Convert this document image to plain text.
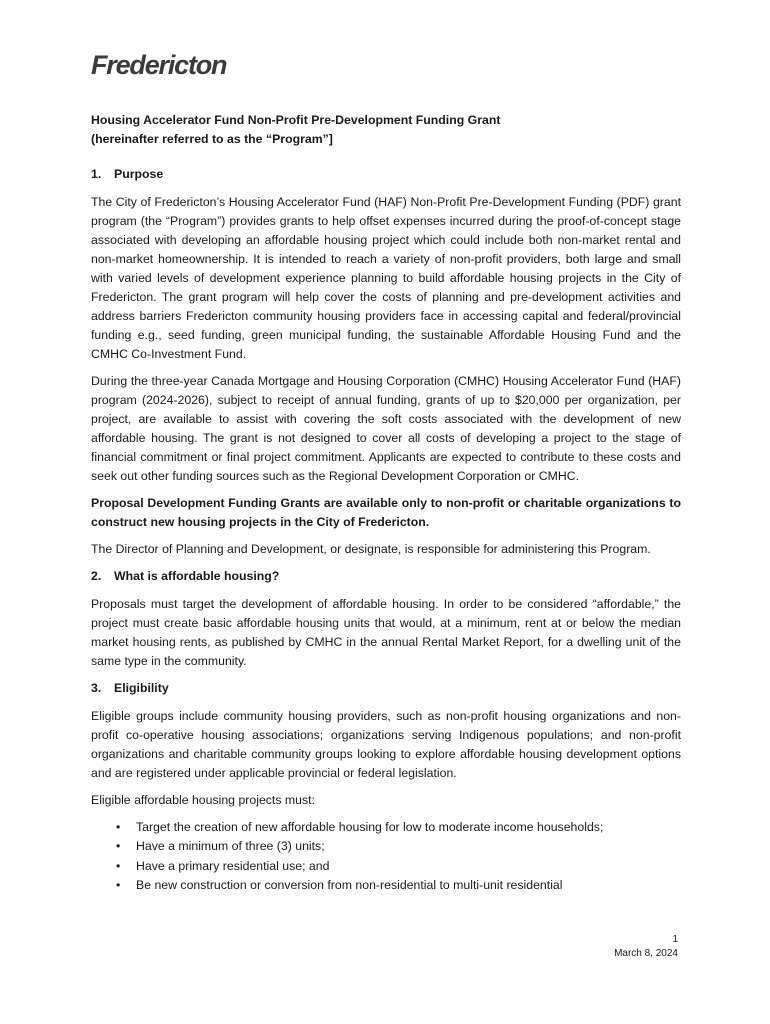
Fredericton
Housing Accelerator Fund Non-Profit Pre-Development Funding Grant
(hereinafter referred to as the “Program”]
1.	Purpose

The City of Fredericton’s Housing Accelerator Fund (HAF) Non-Profit Pre-Development Funding (PDF) grant program (the “Program”) provides grants to help offset expenses incurred during the proof-of-concept stage associated with developing an affordable housing project which could include both non-market rental and non-market homeownership. It is intended to reach a variety of non-profit providers, both large and small with varied levels of development experience planning to build affordable housing projects in the City of Fredericton. The grant program will help cover the costs of planning and pre-development activities and address barriers Fredericton community housing providers face in accessing capital and federal/provincial funding e.g., seed funding, green municipal funding, the sustainable Affordable Housing Fund and the CMHC Co-Investment Fund.

During the three-year Canada Mortgage and Housing Corporation (CMHC) Housing Accelerator Fund (HAF) program (2024-2026), subject to receipt of annual funding, grants of up to $20,000 per organization, per project, are available to assist with covering the soft costs associated with the development of new affordable housing. The grant is not designed to cover all costs of developing a project to the stage of financial commitment or final project commitment. Applicants are expected to contribute to these costs and seek out other funding sources such as the Regional Development Corporation or CMHC.

Proposal Development Funding Grants are available only to non-profit or charitable organizations to construct new housing projects in the City of Fredericton.

The Director of Planning and Development, or designate, is responsible for administering this Program.

2.	What is affordable housing?

Proposals must target the development of affordable housing. In order to be considered “affordable,” the project must create basic affordable housing units that would, at a minimum, rent at or below the median market housing rents, as published by CMHC in the annual Rental Market Report, for a dwelling unit of the same type in the community.

3.	Eligibility

Eligible groups include community housing providers, such as non-profit housing organizations and non-profit co-operative housing associations; organizations serving Indigenous populations; and non-profit organizations and charitable community groups looking to explore affordable housing development options and are registered under applicable provincial or federal legislation.

Eligible affordable housing projects must:

• Target the creation of new affordable housing for low to moderate income households;
• Have a minimum of three (3) units;
• Have a primary residential use; and
• Be new construction or conversion from non-residential to multi-unit residential
1
March 8, 2024
